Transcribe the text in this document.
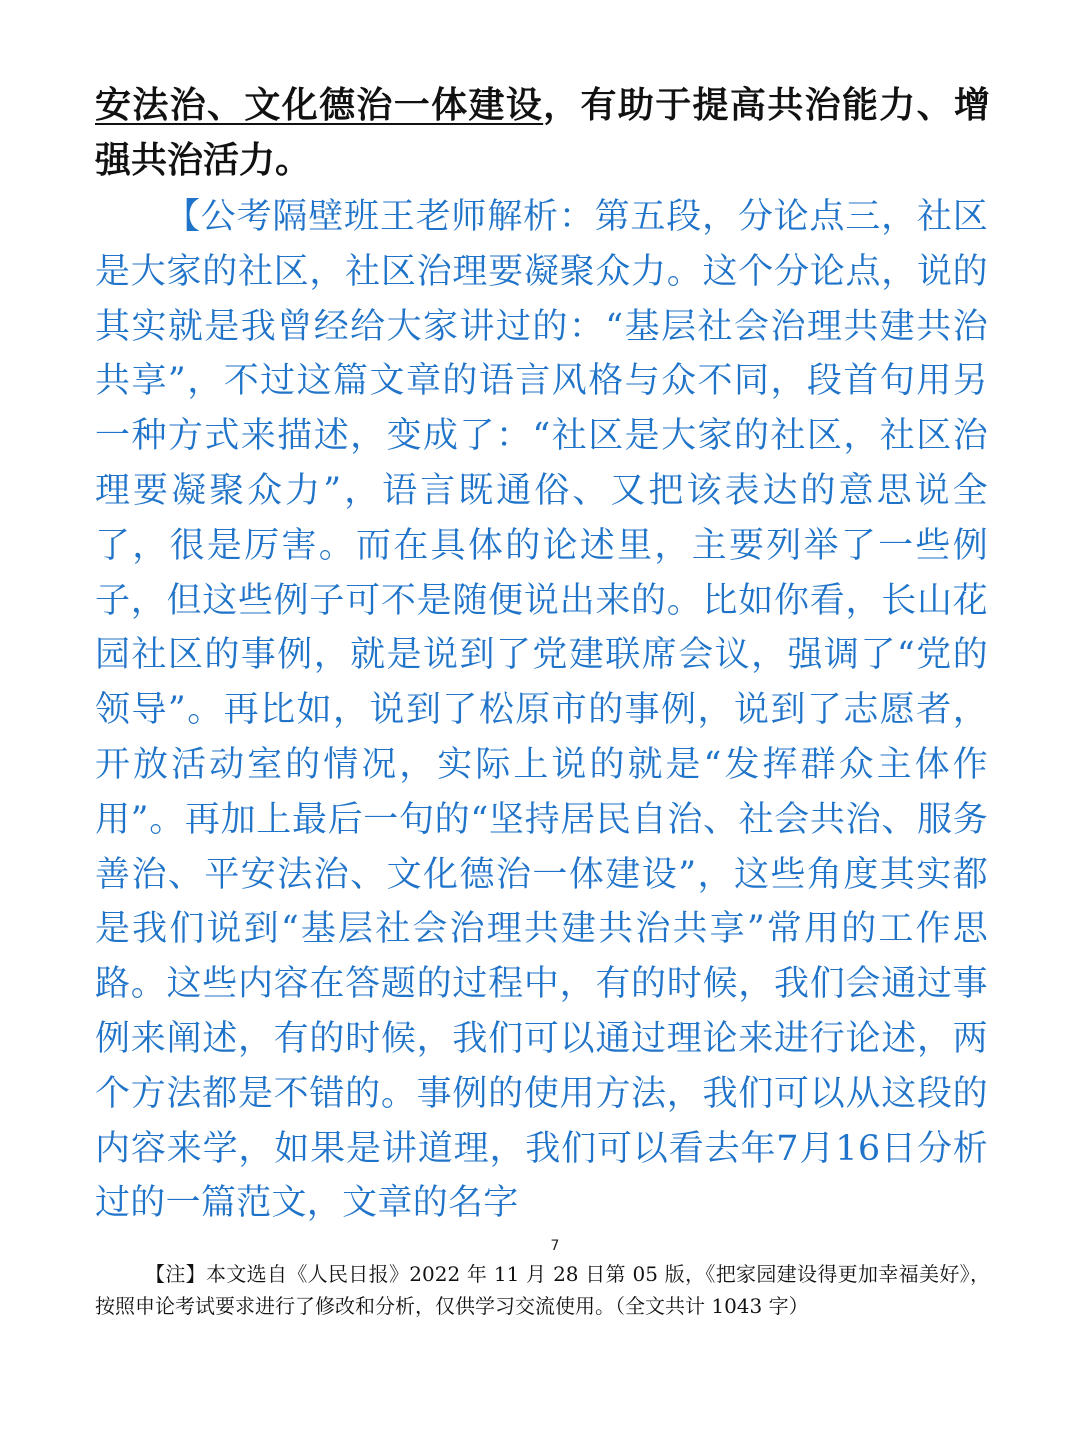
安法治、文化德治一体建设，有助于提高共治能力、增强共治活力。

【公考隔壁班王老师解析：第五段，分论点三，社区是大家的社区，社区治理要凝聚众力。这个分论点，说的其实就是我曾经给大家讲过的：“基层社会治理共建共治共享”，不过这篇文章的语言风格与众不同，段首句用另一种方式来描述，变成了：“社区是大家的社区，社区治理要凝聚众力”，语言既通俗、又把该表达的意思说全了，很是厉害。而在具体的论述里，主要列举了一些例子，但这些例子可不是随便说出来的。比如你看，长山花园社区的事例，就是说到了党建联席会议，强调了“党的领导”。再比如，说到了松原市的事例，说到了志愿者，开放活动室的情况，实际上说的就是“发挥群众主体作用”。再加上最后一句的“坚持居民自治、社会共治、服务善治、平安法治、文化德治一体建设”，这些角度其实都是我们说到“基层社会治理共建共治共享”常用的工作思路。这些内容在答题的过程中，有的时候，我们会通过事例来阐述，有的时候，我们可以通过理论来进行论述，两个方法都是不错的。事例的使用方法，我们可以从这段的内容来学，如果是讲道理，我们可以看去年7月16日分析过的一篇范文，文章的名字

7

【注】本文选自《人民日报》2022 年 11 月 28 日第 05 版，《把家园建设得更加幸福美好》，按照申论考试要求进行了修改和分析，仅供学习交流使用。（全文共计 1043 字）
